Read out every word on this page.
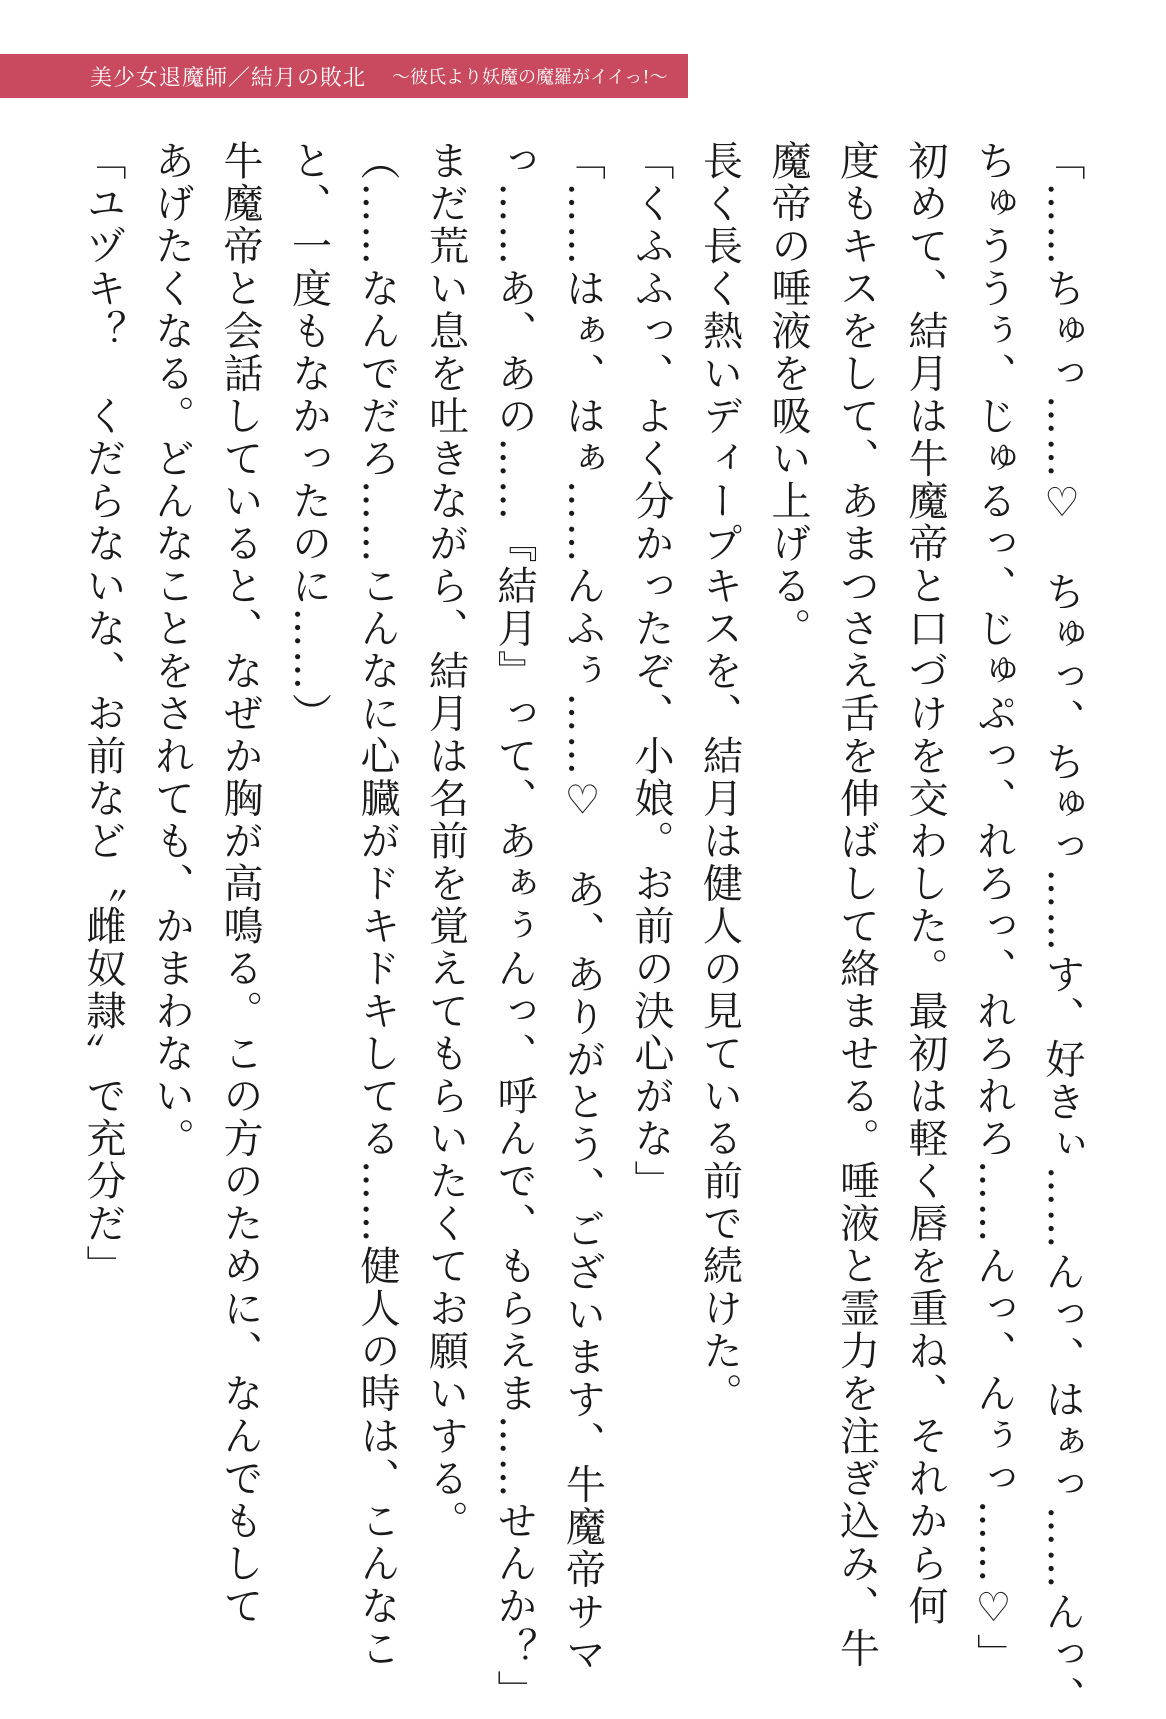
美少女退魔師／結月の敗北 ～彼氏より妖魔の魔羅がイイっ!～
「……ちゅっ……♡　ちゅっ、ちゅっ……す、好きぃ……んっ、はぁっ……んっ、
ちゅううぅ、じゅるっ、じゅぷっ、れろっ、れろれろ……んっ、んぅっ……♡」
初めて、結月は牛魔帝と口づけを交わした。最初は軽く唇を重ね、それから何
度もキスをして、あまつさえ舌を伸ばして絡ませる。唾液と霊力を注ぎ込み、牛
魔帝の唾液を吸い上げる。
長く長く熱いディープキスを、結月は健人の見ている前で続けた。
「くふふっ、よく分かったぞ、小娘。お前の決心がな」
「……はぁ、はぁ……んふぅ……♡　あ、ありがとう、ございます、牛魔帝サマ
っ……あ、あの……『結月』って、あぁぅんっ、呼んで、もらえま……せんか？」
まだ荒い息を吐きながら、結月は名前を覚えてもらいたくてお願いする。
（……なんでだろ……こんなに心臓がドキドキしてる……健人の時は、こんなこ
と、一度もなかったのに……）
牛魔帝と会話していると、なぜか胸が高鳴る。この方のために、なんでもして
あげたくなる。どんなことをされても、かまわない。
「ユヅキ？　くだらないな、お前など〝雌奴隷〟で充分だ」
